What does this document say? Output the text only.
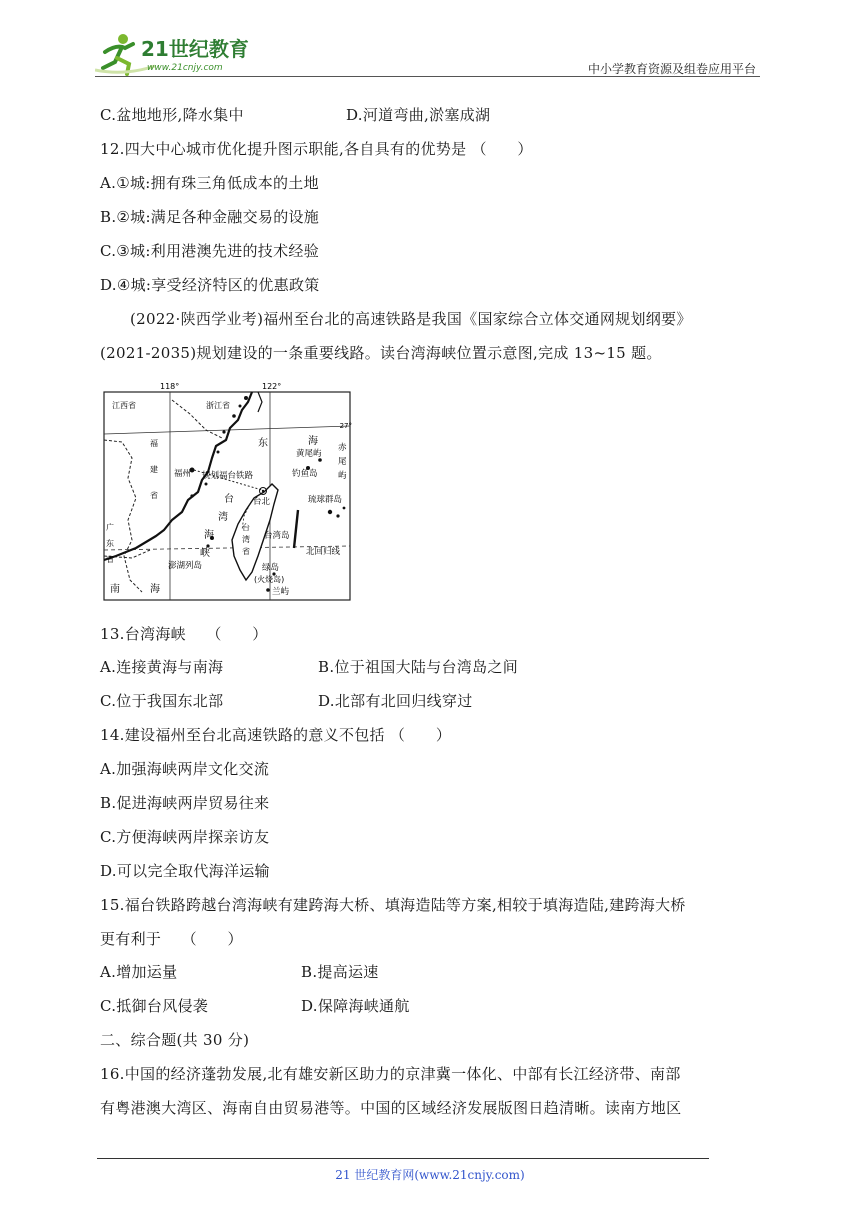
21世纪教育
www.21cnjy.com	中小学教育资源及组卷应用平台
C.盆地地形,降水集中	D.河道弯曲,淤塞成湖
12.四大中心城市优化提升图示职能,各自具有的优势是 （　　）
A.①城:拥有珠三角低成本的土地
B.②城:满足各种金融交易的设施
C.③城:利用港澳先进的技术经验
D.④城:享受经济特区的优惠政策
(2022·陕西学业考)福州至台北的高速铁路是我国《国家综合立体交通网规划纲要》
(2021-2035)规划建设的一条重要线路。读台湾海峡位置示意图,完成 13~15 题。
13.台湾海峡　 （　　）
A.连接黄海与南海	B.位于祖国大陆与台湾岛之间
C.位于我国东北部	D.北部有北回归线穿过
14.建设福州至台北高速铁路的意义不包括 （　　）
A.加强海峡两岸文化交流
B.促进海峡两岸贸易往来
C.方便海峡两岸探亲访友
D.可以完全取代海洋运输
15.福台铁路跨越台湾海峡有建跨海大桥、填海造陆等方案,相较于填海造陆,建跨海大桥
更有利于　 （　　）
A.增加运量	B.提高运速
C.抵御台风侵袭	D.保障海峡通航
二、综合题(共 30 分)
16.中国的经济蓬勃发展,北有雄安新区助力的京津冀一体化、中部有长江经济带、南部
有粤港澳大湾区、海南自由贸易港等。中国的区域经济发展版图日趋清晰。读南方地区
118°	122°
27°
江西省	浙江省
福
建
省
广
东
省
福州 规划福台铁路
东	海
台
湾
海
峡
台北
台
湾
省
台湾岛
黄尾屿
钓鱼岛
赤
尾
屿
琉球群岛
北回归线
澎湖列岛	绿岛
(火烧岛)
兰屿
南	海
21 世纪教育网(www.21cnjy.com)
